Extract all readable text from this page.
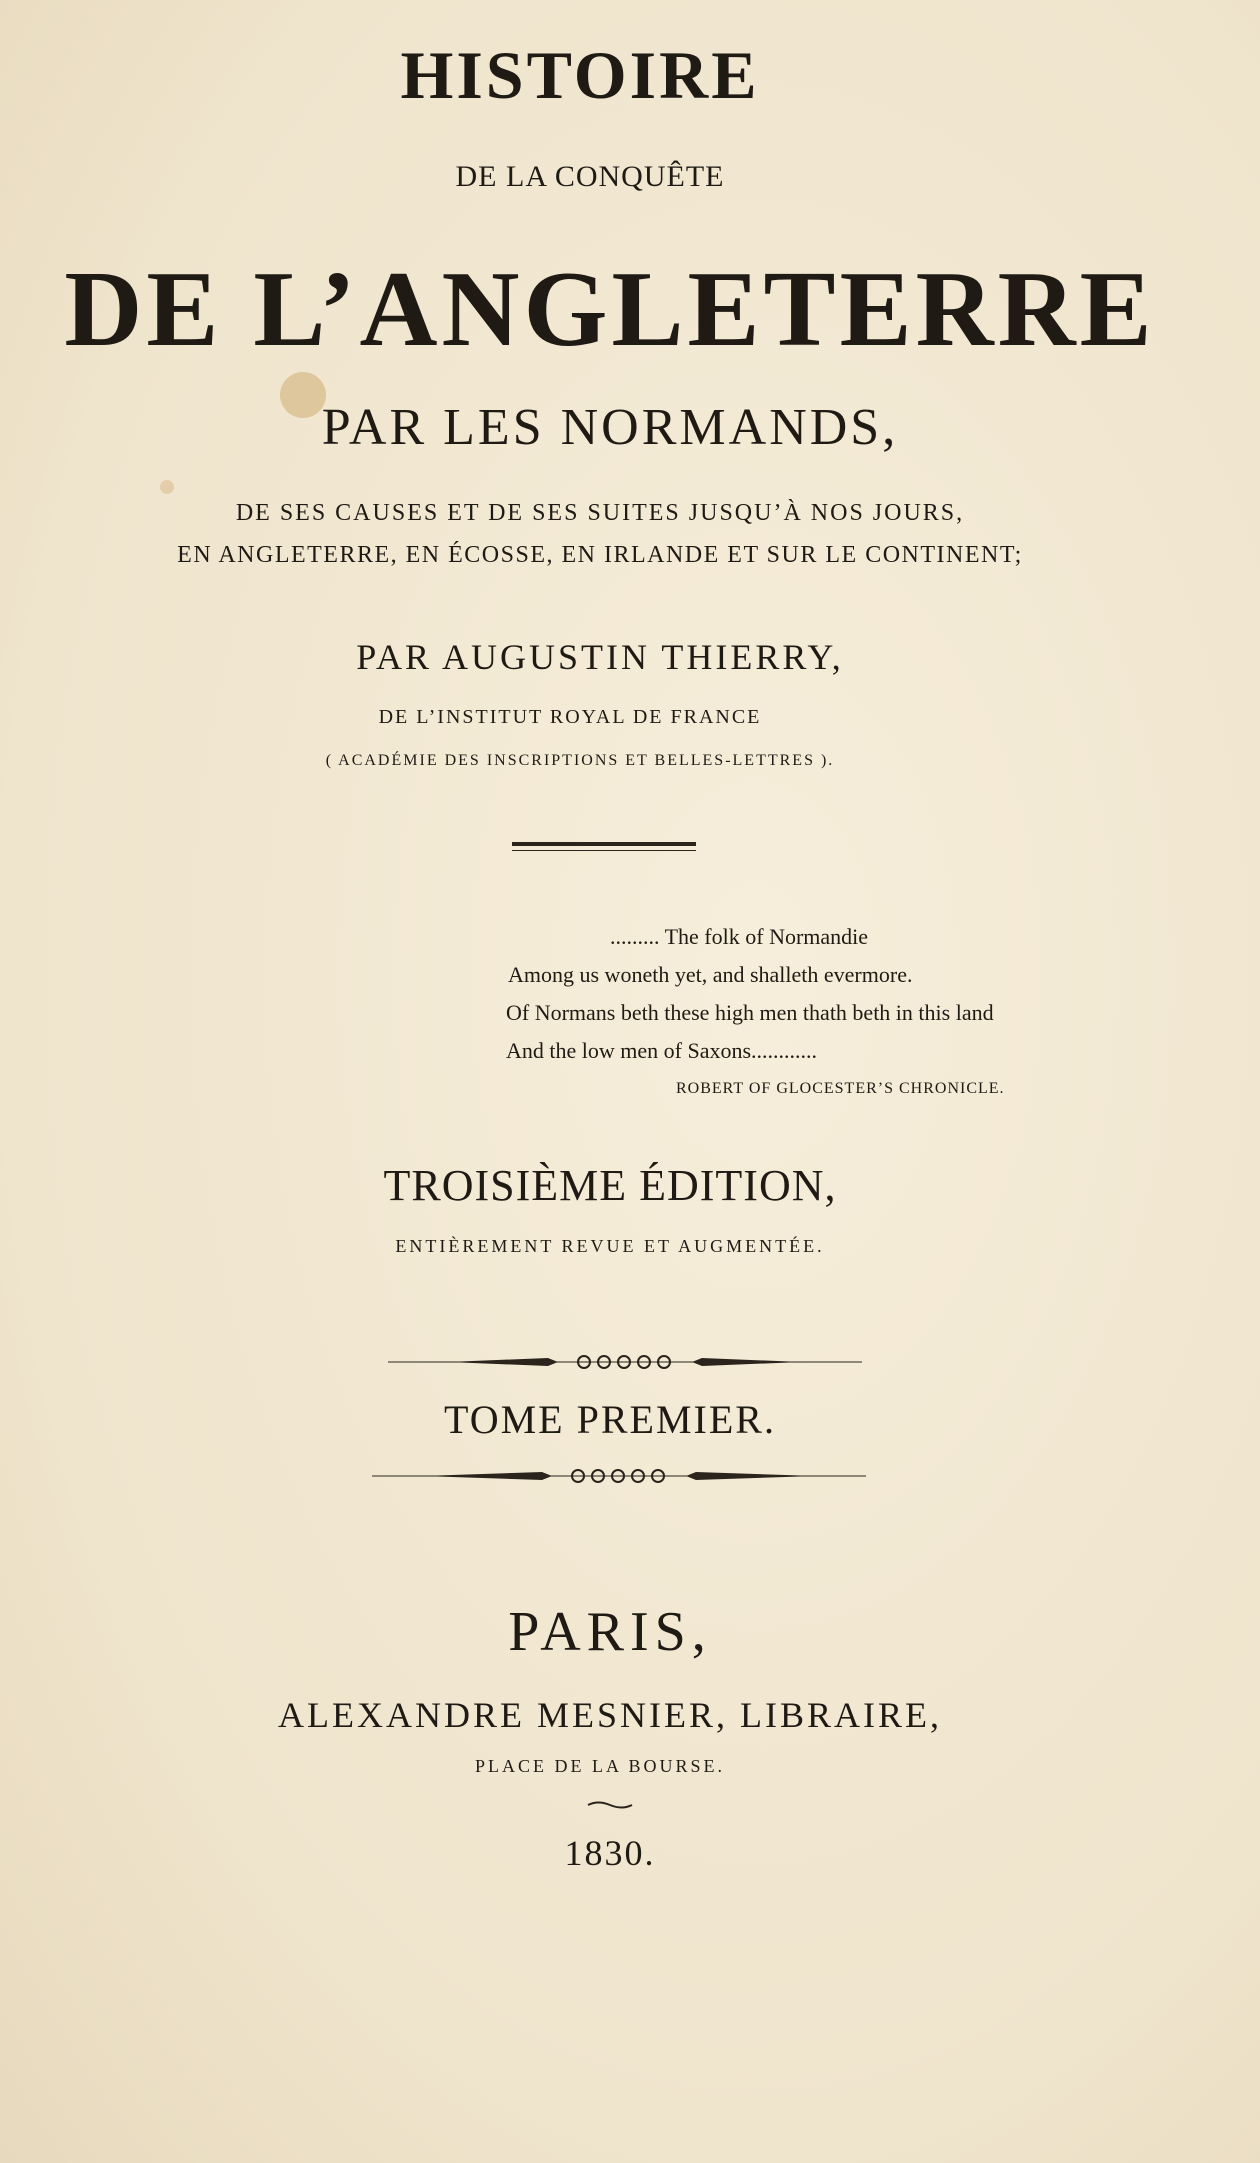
HISTOIRE
DE LA CONQUÊTE
DE L’ANGLETERRE
PAR LES NORMANDS,
DE SES CAUSES ET DE SES SUITES JUSQU’À NOS JOURS,
EN ANGLETERRE, EN ÉCOSSE, EN IRLANDE ET SUR LE CONTINENT;
PAR AUGUSTIN THIERRY,
DE L’INSTITUT ROYAL DE FRANCE
( ACADÉMIE DES INSCRIPTIONS ET BELLES-LETTRES ).
......... The folk of Normandie
Among us woneth yet, and shalleth evermore.
Of Normans beth these high men thath beth in this land
And the low men of Saxons............
ROBERT OF GLOCESTER’S CHRONICLE.
TROISIÈME ÉDITION,
ENTIÈREMENT REVUE ET AUGMENTÉE.
TOME PREMIER.
PARIS,
ALEXANDRE MESNIER, LIBRAIRE,
PLACE DE LA BOURSE.
1830.
